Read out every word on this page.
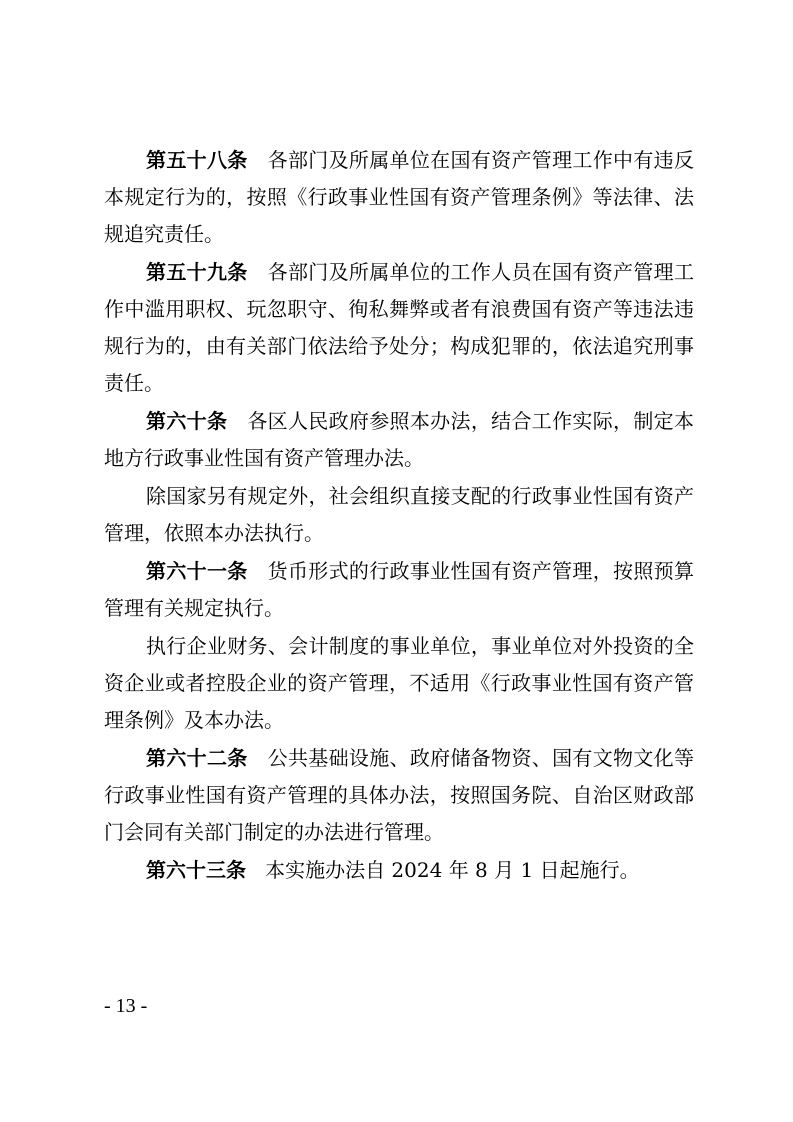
第五十八条 各部门及所属单位在国有资产管理工作中有违反本规定行为的，按照《行政事业性国有资产管理条例》等法律、法规追究责任。

第五十九条 各部门及所属单位的工作人员在国有资产管理工作中滥用职权、玩忽职守、徇私舞弊或者有浪费国有资产等违法违规行为的，由有关部门依法给予处分；构成犯罪的，依法追究刑事责任。

第六十条 各区人民政府参照本办法，结合工作实际，制定本地方行政事业性国有资产管理办法。

除国家另有规定外，社会组织直接支配的行政事业性国有资产管理，依照本办法执行。

第六十一条 货币形式的行政事业性国有资产管理，按照预算管理有关规定执行。

执行企业财务、会计制度的事业单位，事业单位对外投资的全资企业或者控股企业的资产管理，不适用《行政事业性国有资产管理条例》及本办法。

第六十二条 公共基础设施、政府储备物资、国有文物文化等行政事业性国有资产管理的具体办法，按照国务院、自治区财政部门会同有关部门制定的办法进行管理。

第六十三条 本实施办法自 2024 年 8 月 1 日起施行。

- 13 -
